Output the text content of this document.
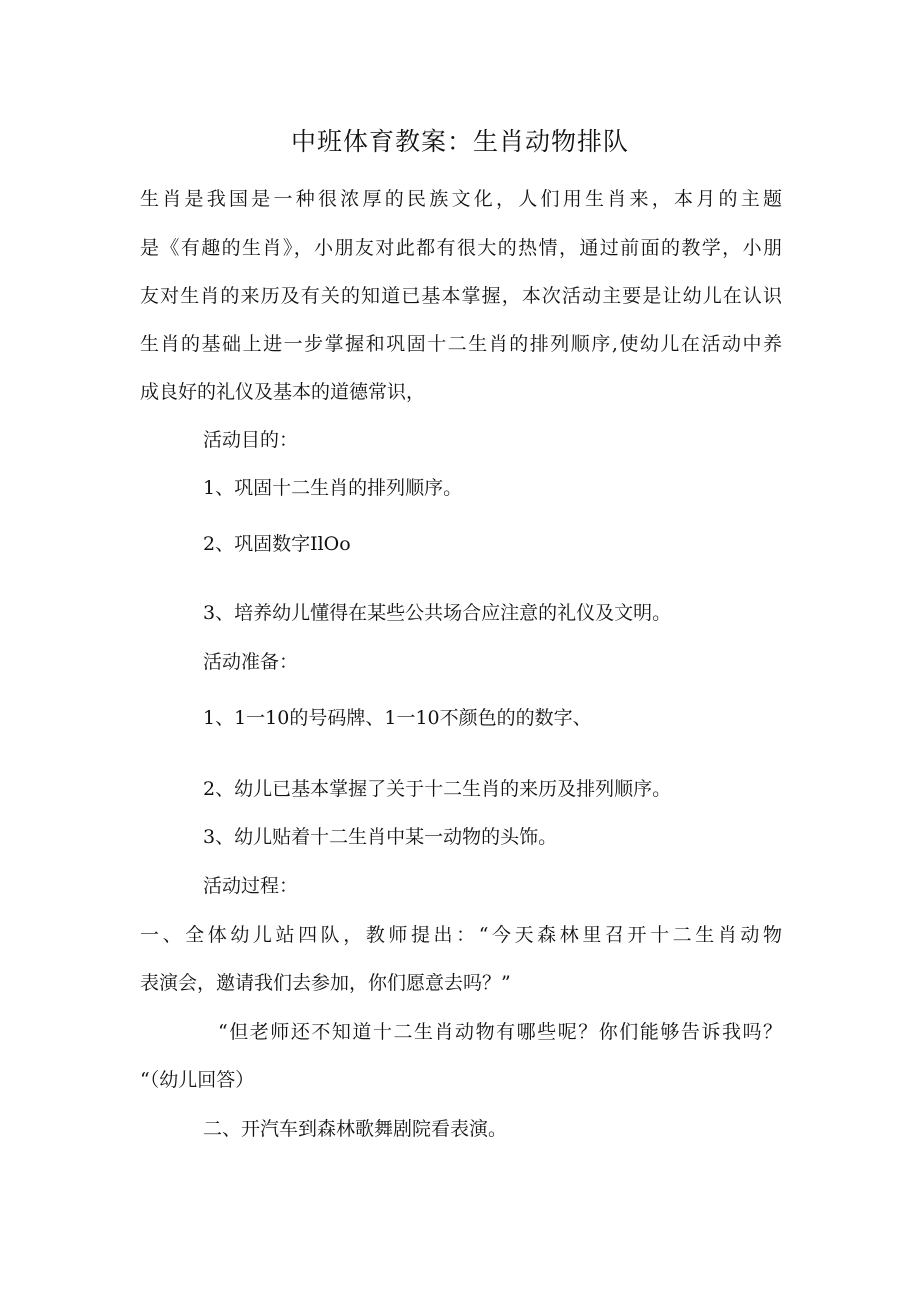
中班体育教案：生肖动物排队

生肖是我国是一种很浓厚的民族文化，人们用生肖来，本月的主题

是《有趣的生肖》，小朋友对此都有很大的热情，通过前面的教学，小朋

友对生肖的来历及有关的知道已基本掌握，本次活动主要是让幼儿在认识

生肖的基础上进一步掌握和巩固十二生肖的排列顺序,使幼儿在活动中养

成良好的礼仪及基本的道德常识，

活动目的：

1、巩固十二生肖的排列顺序。

2、巩固数字IlOo

3、培养幼儿懂得在某些公共场合应注意的礼仪及文明。

活动准备：

1、1一10的号码牌、1一10不颜色的的数字、

2、幼儿已基本掌握了关于十二生肖的来历及排列顺序。

3、幼儿贴着十二生肖中某一动物的头饰。

活动过程：

一、全体幼儿站四队，教师提出：“今天森林里召开十二生肖动物

表演会，邀请我们去参加，你们愿意去吗？”

“但老师还不知道十二生肖动物有哪些呢？你们能够告诉我吗？

“（幼儿回答）

二、开汽车到森林歌舞剧院看表演。
